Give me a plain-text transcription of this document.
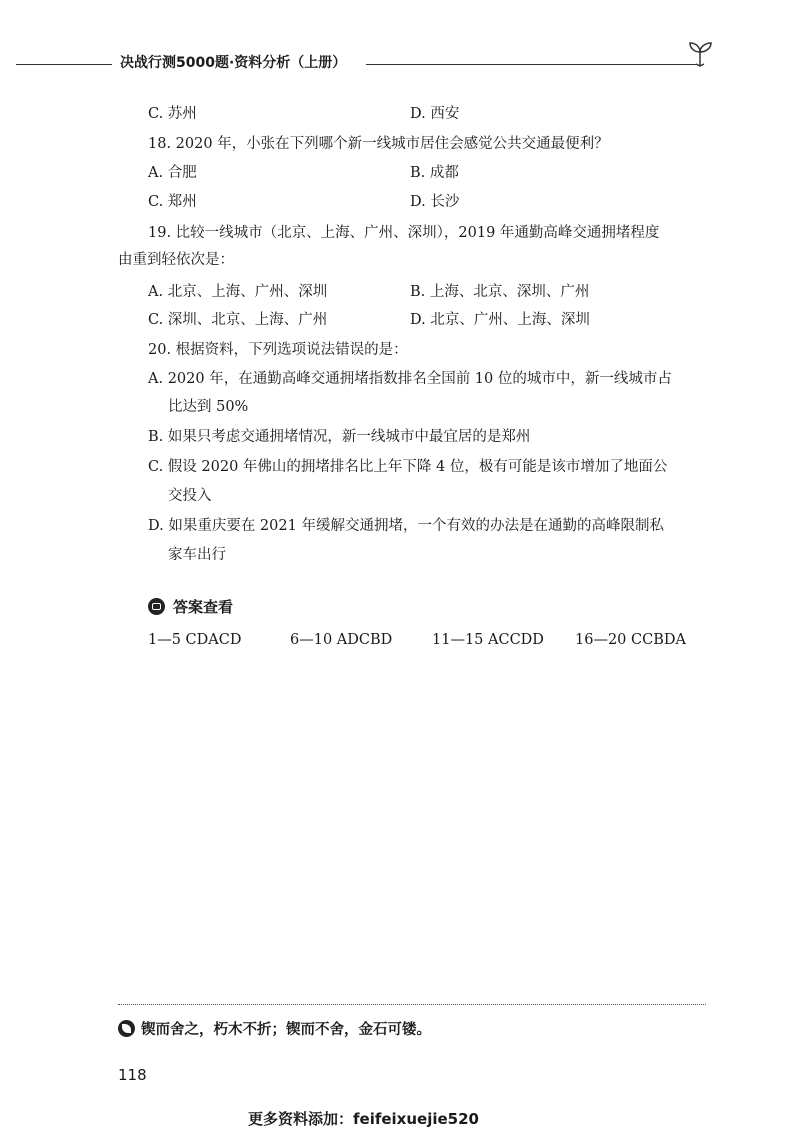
决战行测5000题·资料分析（上册）
C. 苏州	D. 西安
18. 2020 年，小张在下列哪个新一线城市居住会感觉公共交通最便利？
A. 合肥	B. 成都
C. 郑州	D. 长沙
19. 比较一线城市（北京、上海、广州、深圳），2019 年通勤高峰交通拥堵程度
由重到轻依次是：
A. 北京、上海、广州、深圳	B. 上海、北京、深圳、广州
C. 深圳、北京、上海、广州	D. 北京、广州、上海、深圳
20. 根据资料，下列选项说法错误的是：
A. 2020 年，在通勤高峰交通拥堵指数排名全国前 10 位的城市中，新一线城市占
比达到 50%
B. 如果只考虑交通拥堵情况，新一线城市中最宜居的是郑州
C. 假设 2020 年佛山的拥堵排名比上年下降 4 位，极有可能是该市增加了地面公
交投入
D. 如果重庆要在 2021 年缓解交通拥堵，一个有效的办法是在通勤的高峰限制私
家车出行
答案查看
1—5 CDACD	6—10 ADCBD	11—15 ACCDD 16—20 CCBDA
锲而舍之，朽木不折；锲而不舍，金石可镂。
118
更多资料添加：feifeixuejie520
